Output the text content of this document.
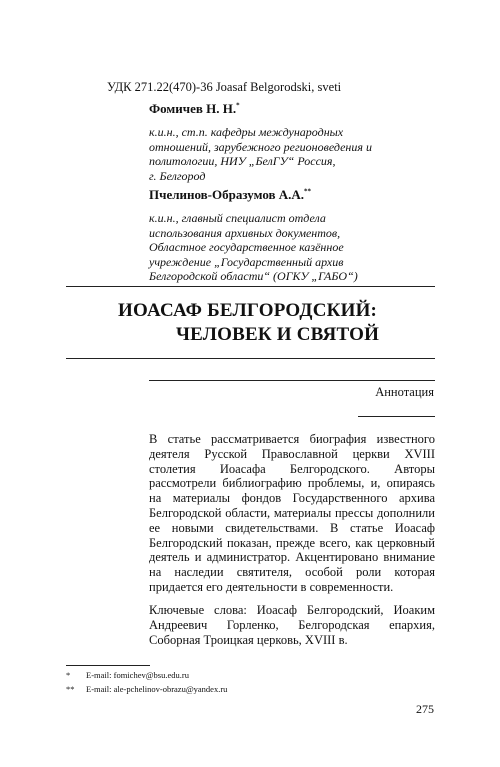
УДК 271.22(470)-36 Joasaf Belgorodski, sveti
Фомичев Н. Н.*
к.и.н., ст.п. кафедры международных
отношений, зарубежного регионоведения и
политологии, НИУ „БелГУ“ Россия,
г. Белгород
Пчелинов-Образумов А.А.**
к.и.н., главный специалист отдела
использования архивных документов,
Областное государственное казённое
учреждение „Государственный архив
Белгородской области“ (ОГКУ „ГАБО“)
ИОАСАФ БЕЛГОРОДСКИЙ:
ЧЕЛОВЕК И СВЯТОЙ
Аннотация
В статье рассматривается биография известного деятеля Русской Православной церкви XVIII столетия Иоасафа Белгородского. Авторы рассмотрели библиографию проблемы, и, опираясь на материалы фондов Государственного архива Белгородской области, материалы прессы дополнили ее новыми свидетельствами. В статье Иоасаф Белгородский показан, прежде всего, как церковный деятель и администратор. Акцентировано внимание на наследии святителя, особой роли которая придается его деятельности в современности.
Ключевые слова: Иоасаф Белгородский, Иоаким Андреевич Горленко, Белгородская епархия, Соборная Троицкая церковь, XVIII в.
*	E-mail: fomichev@bsu.edu.ru
**	E-mail: ale-pchelinov-obrazu@yandex.ru
275
